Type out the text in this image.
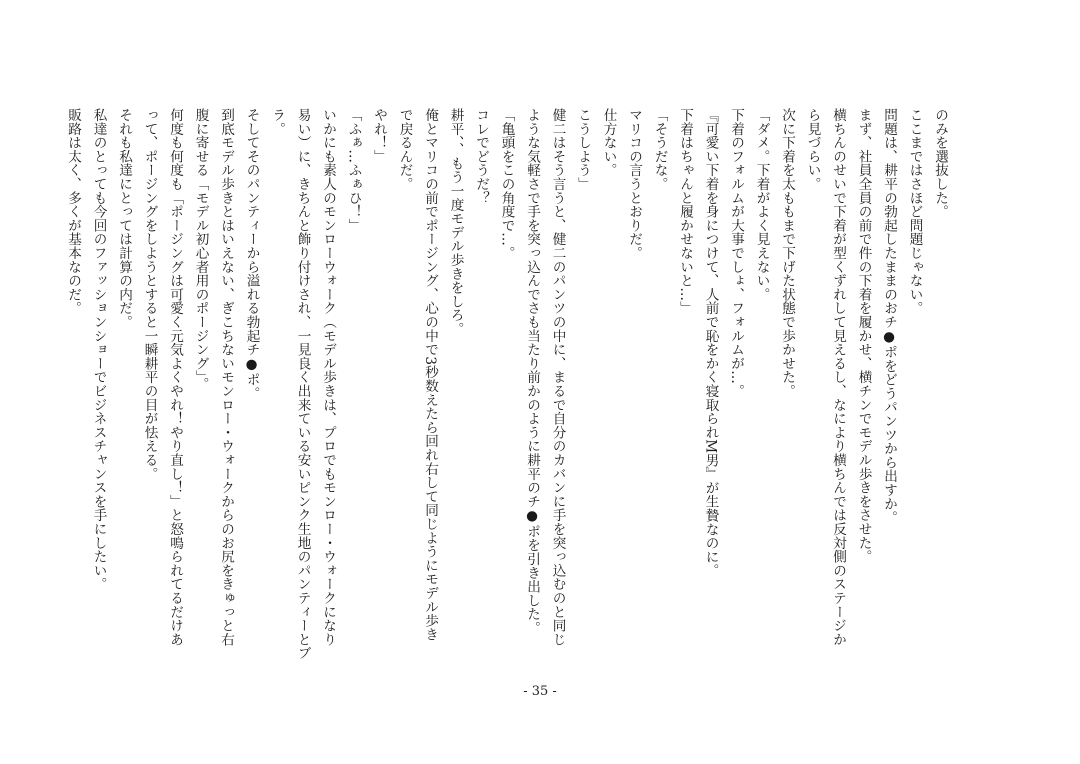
のみを選抜した。

ここまではさほど問題じゃない。

問題は、耕平の勃起したままのおチ●ポをどうパンツから出すか。

まず、社員全員の前で件の下着を履かせ、横チンでモデル歩きをさせた。

横ちんのせいで下着が型くずれして見えるし、なにより横ちんでは反対側のステージか

ら見づらい。

次に下着を太ももまで下げた状態で歩かせた。

「ダメ。下着がよく見えない。

下着のフォルムが大事でしょ、フォルムが…。

『可愛い下着を身につけて、人前で恥をかく寝取られM男』が生贄なのに。

下着はちゃんと履かせないと…」

「そうだな。

マリコの言うとおりだ。

仕方ない。

こうしよう」

健二はそう言うと、健二のパンツの中に、まるで自分のカバンに手を突っ込むのと同じ

ような気軽さで手を突っ込んでさも当たり前かのように耕平のチ●ポを引き出した。

「亀頭をこの角度で…。

コレでどうだ？

耕平、、もう一度モデル歩きをしろ。

俺とマリコの前でポージング、心の中で3秒数えたら回れ右して同じようにモデル歩き

で戻るんだ。

やれ！」

「ふぁ…ふぁひ！」

いかにも素人のモンローウォーク（モデル歩きは、プロでもモンロー・ウォークになり

易い）に、きちんと飾り付けされ、一見良く出来ている安いピンク生地のパンティーとブ

ラ。

そしてそのパンティーから溢れる勃起チ●ポ。

到底モデル歩きとはいえない、ぎこちないモンロー・ウォークからのお尻をきゅっと右

腹に寄せる「モデル初心者用のポージング」。

何度も何度も「ポージングは可愛く元気よくやれ！やり直し！」と怒鳴られてるだけあ

って、ポージングをしようとすると一瞬耕平の目が怯える。

それも私達にとっては計算の内だ。

私達のとっても今回のファッションショーでビジネスチャンスを手にしたい。

販路は太く、多くが基本なのだ。

- 35 -
